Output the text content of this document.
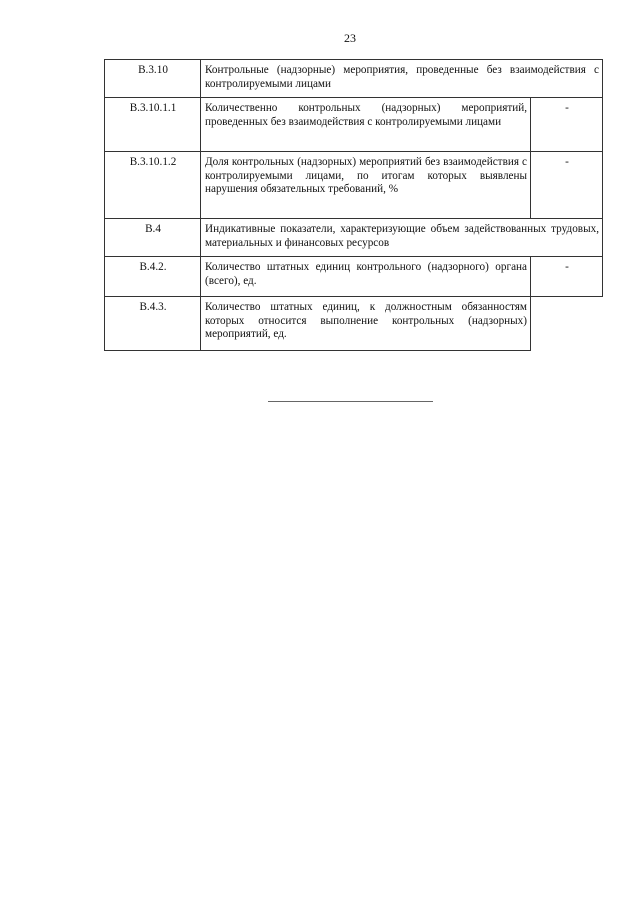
23
В.3.10	Контрольные (надзорные) мероприятия, проведенные без взаимодействия с контролируемыми лицами	
В.3.10.1.1	Количественно контрольных (надзорных) мероприятий, проведенных без взаимодействия с контролируемыми лицами	-
В.3.10.1.2	Доля контрольных (надзорных) мероприятий без взаимодействия с контролируемыми лицами, по итогам которых выявлены нарушения обязательных требований, %	-
В.4	Индикативные показатели, характеризующие объем задействованных трудовых, материальных и финансовых ресурсов	
В.4.2.	Количество штатных единиц контрольного (надзорного) органа (всего), ед.	-
В.4.3.	Количество штатных единиц, к должностным обязанностям которых относится выполнение контрольных (надзорных) мероприятий, ед.	
